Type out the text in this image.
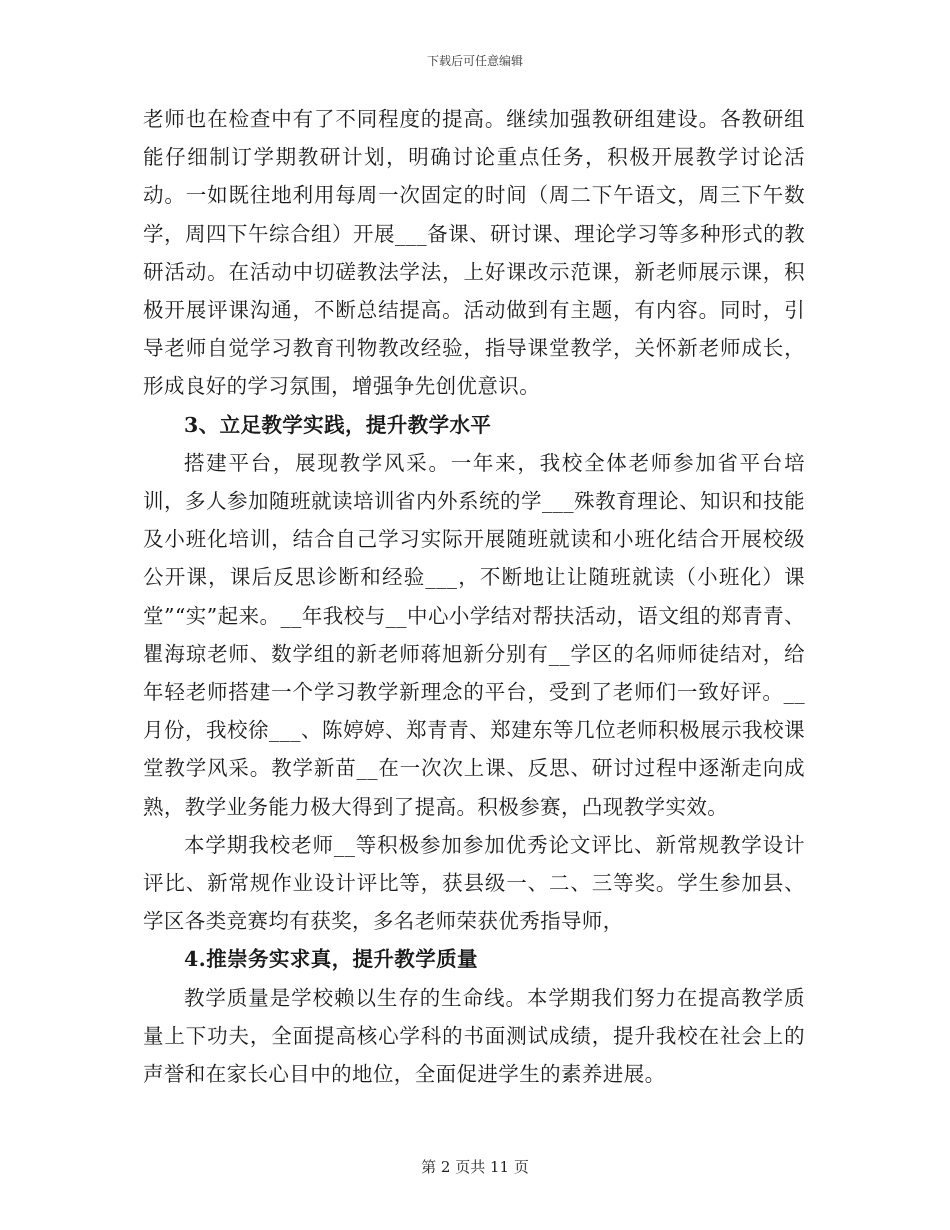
下载后可任意编辑

老师也在检查中有了不同程度的提高。继续加强教研组建设。各教研组能仔细制订学期教研计划，明确讨论重点任务，积极开展教学讨论活动。一如既往地利用每周一次固定的时间（周二下午语文，周三下午数学，周四下午综合组）开展___备课、研讨课、理论学习等多种形式的教研活动。在活动中切磋教法学法，上好课改示范课，新老师展示课，积极开展评课沟通，不断总结提高。活动做到有主题，有内容。同时，引导老师自觉学习教育刊物教改经验，指导课堂教学，关怀新老师成长，形成良好的学习氛围，增强争先创优意识。

3、立足教学实践，提升教学水平

搭建平台，展现教学风采。一年来，我校全体老师参加省平台培训，多人参加随班就读培训省内外系统的学___殊教育理论、知识和技能及小班化培训，结合自己学习实际开展随班就读和小班化结合开展校级公开课，课后反思诊断和经验___，不断地让让随班就读（小班化）课堂”“实”起来。__年我校与__中心小学结对帮扶活动，语文组的郑青青、瞿海琼老师、数学组的新老师蒋旭新分别有__学区的名师师徒结对，给年轻老师搭建一个学习教学新理念的平台，受到了老师们一致好评。__月份，我校徐___、陈婷婷、郑青青、郑建东等几位老师积极展示我校课堂教学风采。教学新苗__在一次次上课、反思、研讨过程中逐渐走向成熟，教学业务能力极大得到了提高。积极参赛，凸现教学实效。

本学期我校老师__等积极参加参加优秀论文评比、新常规教学设计评比、新常规作业设计评比等，获县级一、二、三等奖。学生参加县、学区各类竞赛均有获奖，多名老师荣获优秀指导师，

4.推崇务实求真，提升教学质量

教学质量是学校赖以生存的生命线。本学期我们努力在提高教学质量上下功夫，全面提高核心学科的书面测试成绩，提升我校在社会上的声誉和在家长心目中的地位，全面促进学生的素养进展。

第 2 页共 11 页
